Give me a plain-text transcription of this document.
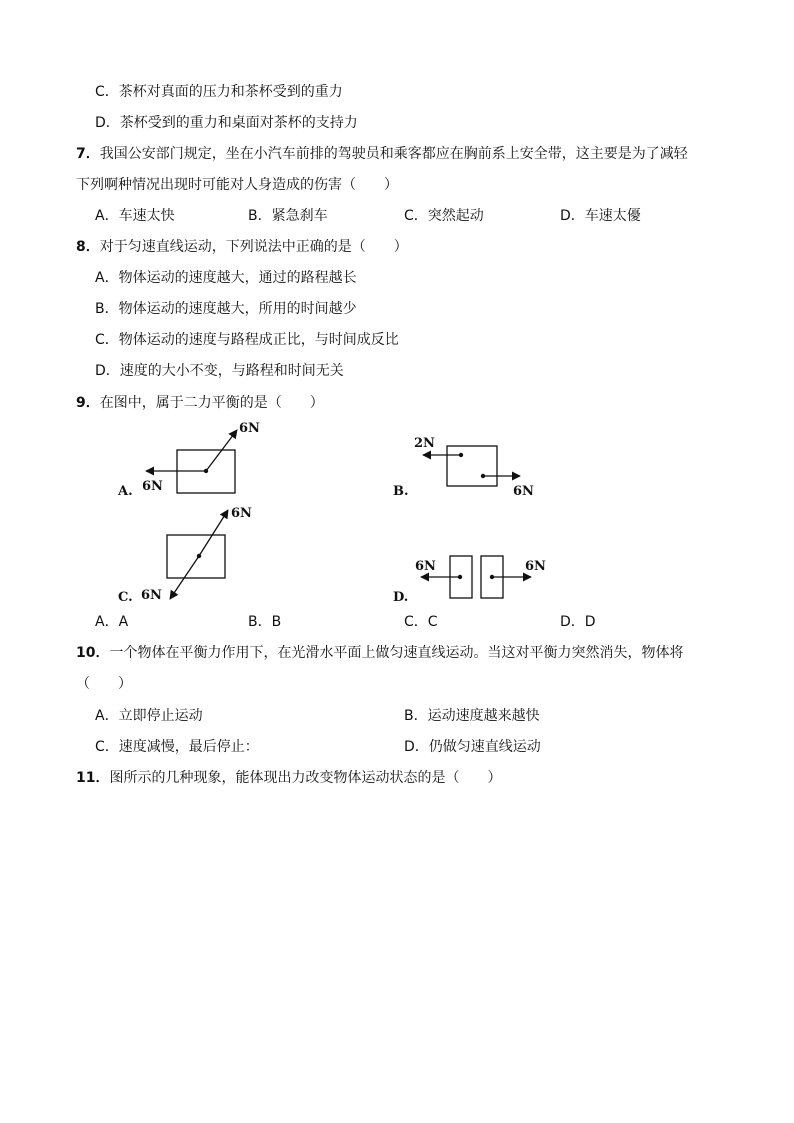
C．茶杯对真面的压力和茶杯受到的重力
D．茶杯受到的重力和桌面对茶杯的支持力
7．我国公安部门规定，坐在小汽车前排的驾驶员和乘客都应在胸前系上安全带，这主要是为了减轻
下列啊种情况出现时可能对人身造成的伤害（　　）
A．车速太快	B．紧急刹车	C．突然起动	D．车速太優
8．对于匀速直线运动，下列说法中正确的是（　　）
A．物体运动的速度越大，通过的路程越长
B．物体运动的速度越大，所用的时间越少
C．物体运动的速度与路程成正比，与时间成反比
D．速度的大小不变，与路程和时间无关
9．在图中，属于二力平衡的是（　　）
6N
6N
A.
2N
6N
B.
6N
6N
C.
6N	6N
D.
A．A	B．B	C．C	D．D
10．一个物体在平衡力作用下，在光滑水平面上做匀速直线运动。当这对平衡力突然消失，物体将
（　　）
A．立即停止运动	B．运动速度越来越快
C．速度减慢，最后停止：	D．仍做匀速直线运动
11．图所示的几种现象，能体现出力改变物体运动状态的是（　　）
